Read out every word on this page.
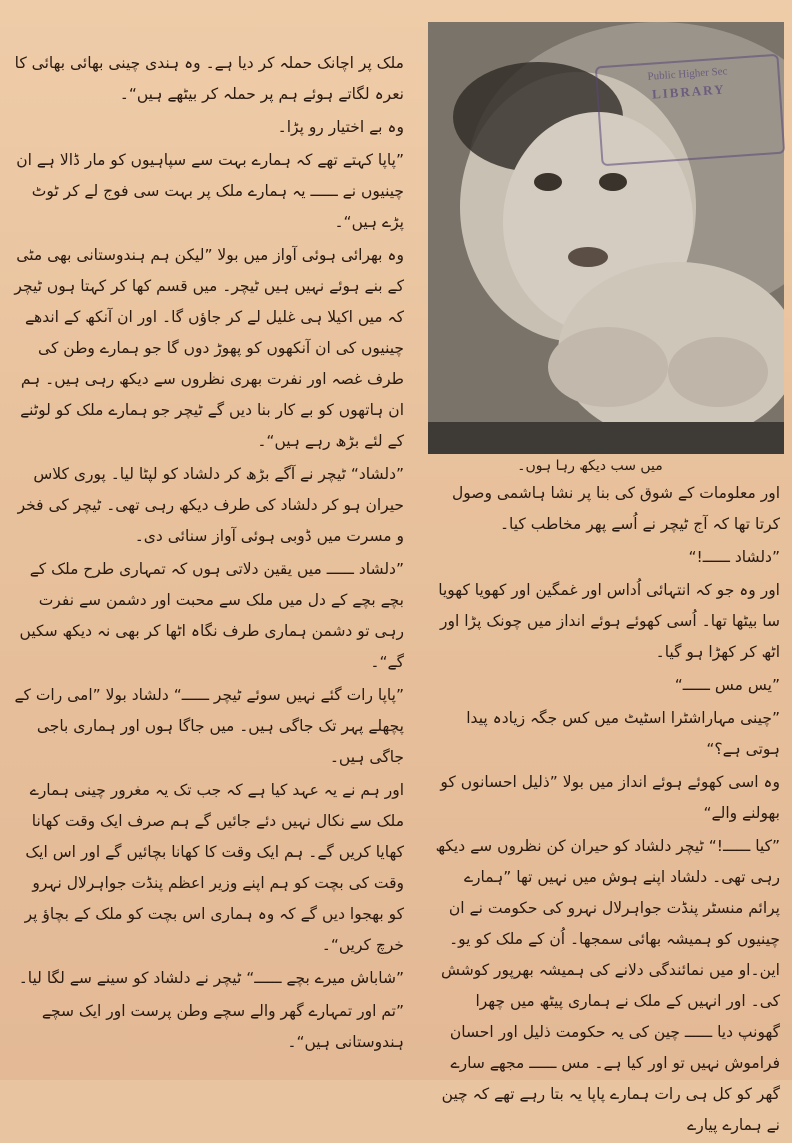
ملک پر اچانک حملہ کر دیا ہے۔ وہ ہندی چینی بھائی بھائی کا نعرہ لگاتے ہوئے ہم پر حملہ کر بیٹھے ہیں“۔

وہ بے اختیار رو پڑا۔

”پاپا کہتے تھے کہ ہمارے بہت سے سپاہیوں کو مار ڈالا ہے ان چینیوں نے ــــــ یہ ہمارے ملک پر بہت سی فوج لے کر ٹوٹ پڑے ہیں“۔

وہ بھرائی ہوئی آواز میں بولا ”لیکن ہم ہندوستانی بھی مٹی کے بنے ہوئے نہیں ہیں ٹیچر۔ میں قسم کھا کر کہتا ہوں ٹیچر کہ میں اکیلا ہی غلیل لے کر جاؤں گا۔ اور ان آنکھ کے اندھے چینیوں کی ان آنکھوں کو پھوڑ دوں گا جو ہمارے وطن کی طرف غصہ اور نفرت بھری نظروں سے دیکھ رہی ہیں۔ ہم ان ہاتھوں کو بے کار بنا دیں گے ٹیچر جو ہمارے ملک کو لوٹنے کے لئے بڑھ رہے ہیں“۔

”دلشاد“ ٹیچر نے آگے بڑھ کر دلشاد کو لپٹا لیا۔ پوری کلاس حیران ہو کر دلشاد کی طرف دیکھ رہی تھی۔ ٹیچر کی فخر و مسرت میں ڈوبی ہوئی آواز سنائی دی۔

”دلشاد ــــــ میں یقین دلاتی ہوں کہ تمہاری طرح ملک کے بچے بچے کے دل میں ملک سے محبت اور دشمن سے نفرت رہی تو دشمن ہماری طرف نگاہ اٹھا کر بھی نہ دیکھ سکیں گے“۔

”پاپا رات گئے نہیں سوئے ٹیچر ــــــ“ دلشاد بولا ”امی رات کے پچھلے پہر تک جاگی ہیں۔ میں جاگا ہوں اور ہماری باجی جاگی ہیں۔

اور ہم نے یہ عہد کیا ہے کہ جب تک یہ مغرور چینی ہمارے ملک سے نکال نہیں دئے جائیں گے ہم صرف ایک وقت کھانا کھایا کریں گے۔ ہم ایک وقت کا کھانا بچائیں گے اور اس ایک وقت کی بچت کو ہم اپنے وزیر اعظم پنڈت جواہرلال نہرو کو بھجوا دیں گے کہ وہ ہماری اس بچت کو ملک کے بچاؤ پر خرچ کریں“۔

”شاباش میرے بچے ــــــ“ ٹیچر نے دلشاد کو سینے سے لگا لیا۔

”تم اور تمہارے گھر والے سچے وطن پرست اور ایک سچے ہندوستانی ہیں“۔

Public Higher Sec
LIBRARY
میں سب دیکھ رہا ہوں۔

اور معلومات کے شوق کی بنا پر نشا ہاشمی وصول کرتا تھا کہ آج ٹیچر نے اُسے پھر مخاطب کیا۔

”دلشاد ــــــ!“

اور وہ جو کہ انتہائی اُداس اور غمگین اور کھویا کھویا سا بیٹھا تھا۔ اُسی کھوئے ہوئے انداز میں چونک پڑا اور اٹھ کر کھڑا ہو گیا۔

”یس مس ــــــ“

”چینی مہاراشٹرا اسٹیٹ میں کس جگہ زیادہ پیدا ہوتی ہے؟“

وہ اسی کھوئے ہوئے انداز میں بولا ”ذلیل احسانوں کو بھولنے والے“

”کیا ــــــ!“ ٹیچر دلشاد کو حیران کن نظروں سے دیکھ رہی تھی۔ دلشاد اپنے ہوش میں نہیں تھا ”ہمارے پرائم منسٹر پنڈت جواہرلال نہرو کی حکومت نے ان چینیوں کو ہمیشہ بھائی سمجھا۔ اُن کے ملک کو یو۔این۔او میں نمائندگی دلانے کی ہمیشہ بھرپور کوشش کی۔ اور انہیں کے ملک نے ہماری پیٹھ میں چھرا گھونپ دیا ــــــ چین کی یہ حکومت ذلیل اور احسان فراموش نہیں تو اور کیا ہے۔ مس ــــــ مجھے سارے گھر کو کل ہی رات ہمارے پاپا یہ بتا رہے تھے کہ چین نے ہمارے پیارے
